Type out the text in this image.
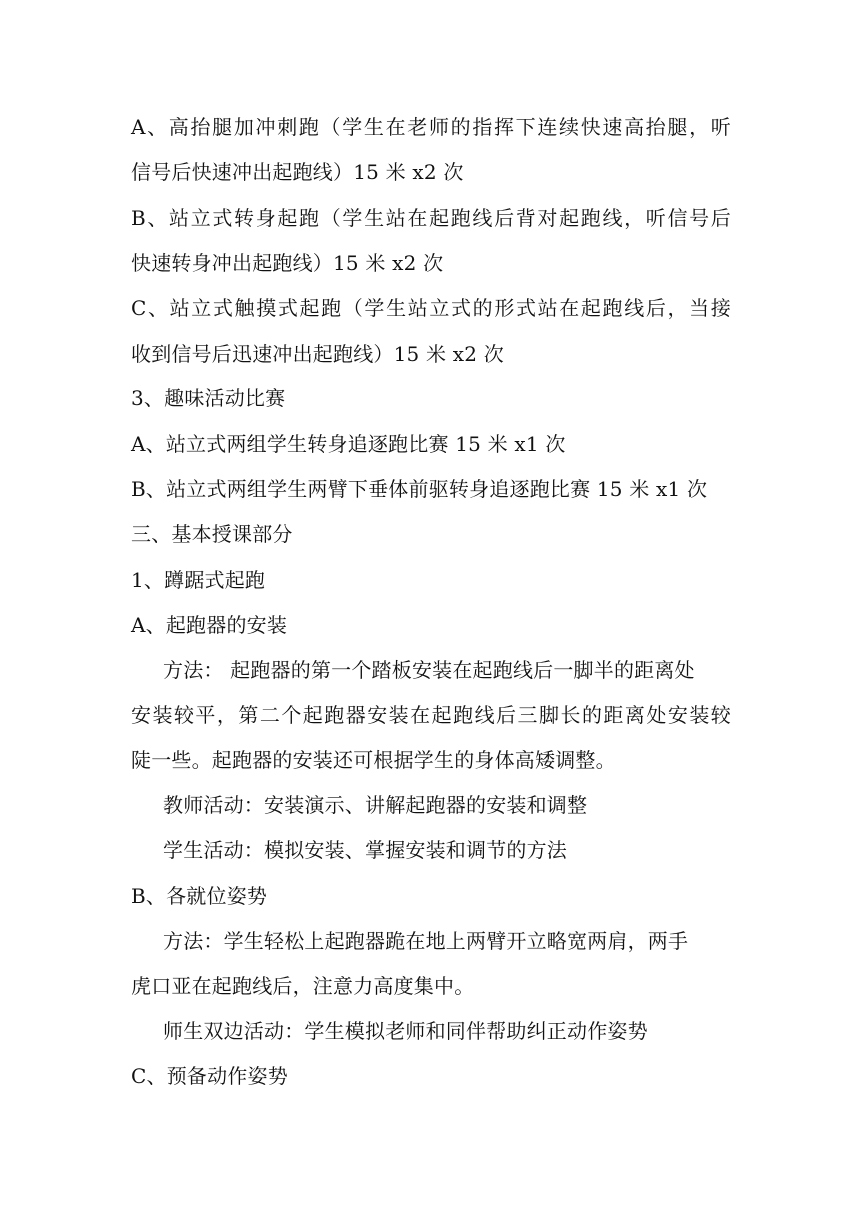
A、高抬腿加冲刺跑（学生在老师的指挥下连续快速高抬腿，听
信号后快速冲出起跑线）15 米 x2 次
B、站立式转身起跑（学生站在起跑线后背对起跑线，听信号后
快速转身冲出起跑线）15 米 x2 次
C、站立式触摸式起跑（学生站立式的形式站在起跑线后，当接
收到信号后迅速冲出起跑线）15 米 x2 次
3、趣味活动比赛
A、站立式两组学生转身追逐跑比赛 15 米 x1 次
B、站立式两组学生两臂下垂体前驱转身追逐跑比赛 15 米 x1 次
三、基本授课部分
1、蹲踞式起跑
A、起跑器的安装
方法： 起跑器的第一个踏板安装在起跑线后一脚半的距离处
安装较平，第二个起跑器安装在起跑线后三脚长的距离处安装较
陡一些。起跑器的安装还可根据学生的身体高矮调整。
教师活动：安装演示、讲解起跑器的安装和调整
学生活动：模拟安装、掌握安装和调节的方法
B、各就位姿势
方法：学生轻松上起跑器跪在地上两臂开立略宽两肩，两手
虎口亚在起跑线后，注意力高度集中。
师生双边活动：学生模拟老师和同伴帮助纠正动作姿势
C、预备动作姿势
